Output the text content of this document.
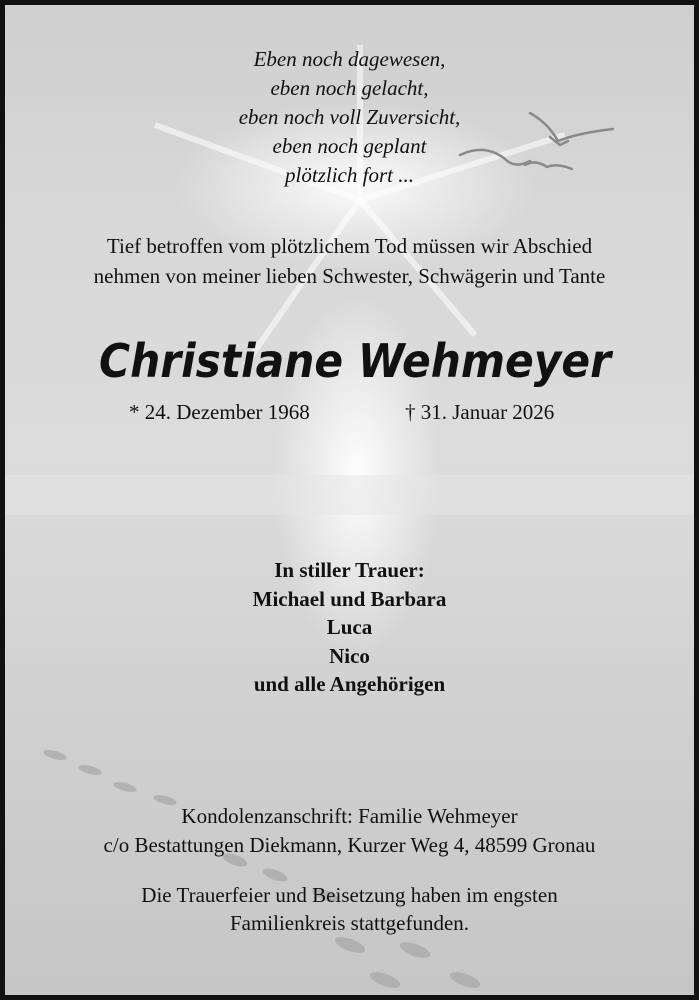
Eben noch dagewesen,
eben noch gelacht,
eben noch voll Zuversicht,
eben noch geplant
plötzlich fort ...
Tief betroffen vom plötzlichem Tod müssen wir Abschied
nehmen von meiner lieben Schwester, Schwägerin und Tante
Christiane Wehmeyer
* 24. Dezember 1968	† 31. Januar 2026
In stiller Trauer:
Michael und Barbara
Luca
Nico
und alle Angehörigen
Kondolenzanschrift: Familie Wehmeyer
c/o Bestattungen Diekmann, Kurzer Weg 4, 48599 Gronau
Die Trauerfeier und Beisetzung haben im engsten
Familienkreis stattgefunden.
